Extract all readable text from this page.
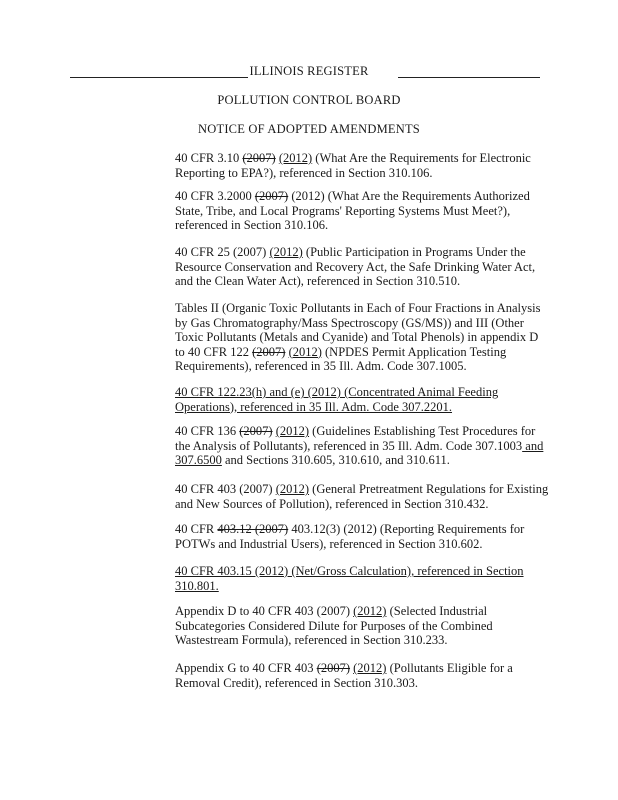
ILLINOIS REGISTER
POLLUTION CONTROL BOARD
NOTICE OF ADOPTED AMENDMENTS
40 CFR 3.10 (2007) (2012) (What Are the Requirements for Electronic Reporting to EPA?), referenced in Section 310.106.
40 CFR 3.2000 (2007) (2012) (What Are the Requirements Authorized State, Tribe, and Local Programs' Reporting Systems Must Meet?), referenced in Section 310.106.
40 CFR 25 (2007) (2012) (Public Participation in Programs Under the Resource Conservation and Recovery Act, the Safe Drinking Water Act, and the Clean Water Act), referenced in Section 310.510.
Tables II (Organic Toxic Pollutants in Each of Four Fractions in Analysis by Gas Chromatography/Mass Spectroscopy (GS/MS)) and III (Other Toxic Pollutants (Metals and Cyanide) and Total Phenols) in appendix D to 40 CFR 122 (2007) (2012) (NPDES Permit Application Testing Requirements), referenced in 35 Ill. Adm. Code 307.1005.
40 CFR 122.23(h) and (e) (2012) (Concentrated Animal Feeding Operations), referenced in 35 Ill. Adm. Code 307.2201.
40 CFR 136 (2007) (2012) (Guidelines Establishing Test Procedures for the Analysis of Pollutants), referenced in 35 Ill. Adm. Code 307.1003 and 307.6500 and Sections 310.605, 310.610, and 310.611.
40 CFR 403 (2007) (2012) (General Pretreatment Regulations for Existing and New Sources of Pollution), referenced in Section 310.432.
40 CFR 403.12 (2007) 403.12(3) (2012) (Reporting Requirements for POTWs and Industrial Users), referenced in Section 310.602.
40 CFR 403.15 (2012) (Net/Gross Calculation), referenced in Section 310.801.
Appendix D to 40 CFR 403 (2007) (2012) (Selected Industrial Subcategories Considered Dilute for Purposes of the Combined Wastestream Formula), referenced in Section 310.233.
Appendix G to 40 CFR 403 (2007) (2012) (Pollutants Eligible for a Removal Credit), referenced in Section 310.303.
